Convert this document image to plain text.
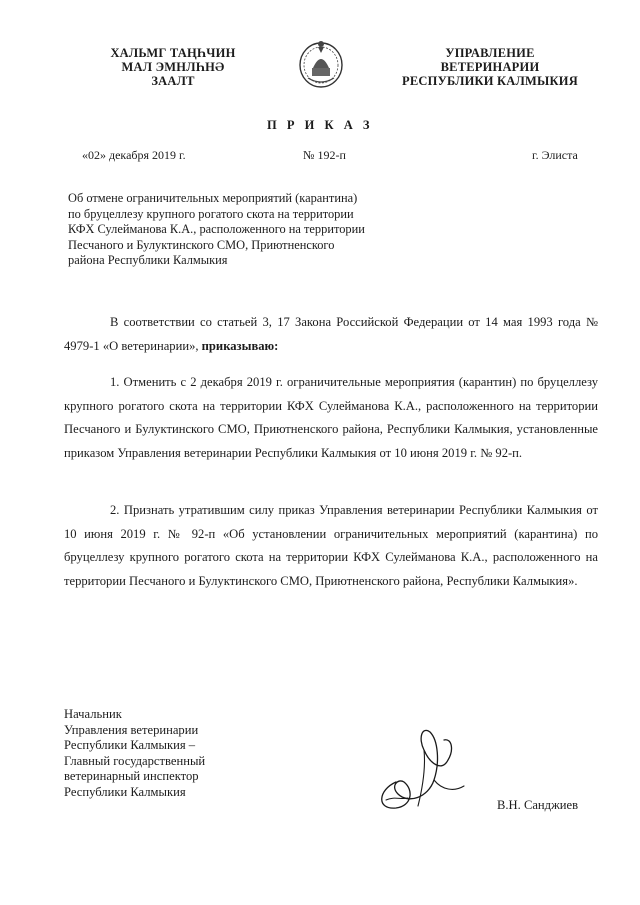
ХАЛЬМГ ТАҢҺЧИН
МАЛ ЭМНЛҺНӘ
ЗААЛТ
УПРАВЛЕНИЕ
ВЕТЕРИНАРИИ
РЕСПУБЛИКИ КАЛМЫКИЯ
П Р И К А З
«02» декабря 2019 г.	№ 192-п	г. Элиста
Об отмене ограничительных мероприятий (карантина)
по бруцеллезу крупного рогатого скота на территории
КФХ Сулейманова К.А., расположенного на территории
Песчаного и Булуктинского СМО, Приютненского
района Республики Калмыкия
В соответствии со статьей 3, 17 Закона Российской Федерации от 14 мая 1993 года № 4979-1 «О ветеринарии», приказываю:
1. Отменить с 2 декабря 2019 г. ограничительные мероприятия (карантин) по бруцеллезу крупного рогатого скота на территории КФХ Сулейманова К.А., расположенного на территории Песчаного и Булуктинского СМО, Приютненского района, Республики Калмыкия, установленные приказом Управления ветеринарии Республики Калмыкия от 10 июня 2019 г. № 92-п.
2. Признать утратившим силу приказ Управления ветеринарии Республики Калмыкия от 10 июня 2019 г. № 92-п «Об установлении ограничительных мероприятий (карантина) по бруцеллезу крупного рогатого скота на территории КФХ Сулейманова К.А., расположенного на территории Песчаного и Булуктинского СМО, Приютненского района, Республики Калмыкия».
Начальник
Управления ветеринарии
Республики Калмыкия –
Главный государственный
ветеринарный инспектор
Республики Калмыкия
В.Н. Санджиев
